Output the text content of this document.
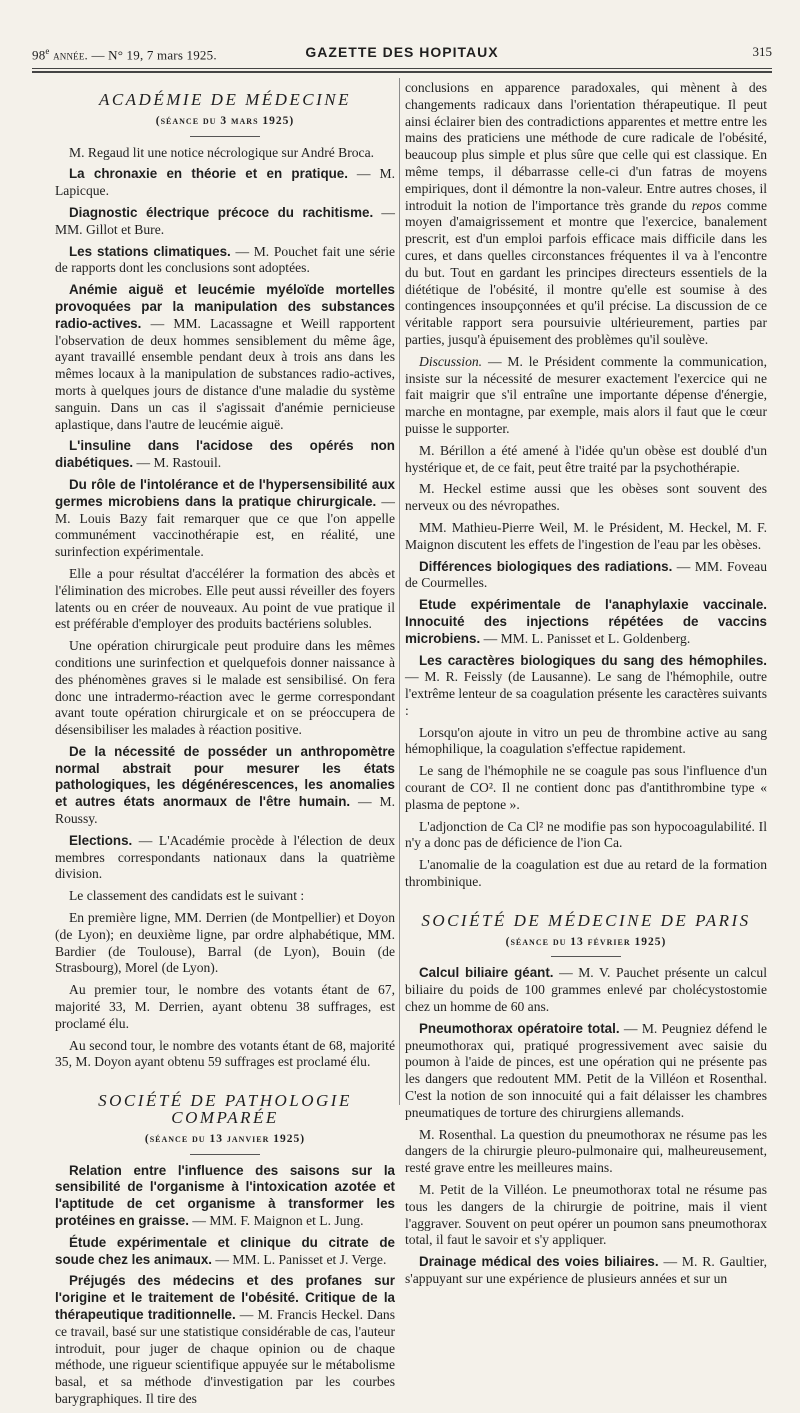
98e année. — N° 19, 7 mars 1925.	GAZETTE DES HOPITAUX	315
ACADÉMIE DE MÉDECINE
(séance du 3 mars 1925)

M. Regaud lit une notice nécrologique sur André Broca.

La chronaxie en théorie et en pratique. — M. Lapicque.

Diagnostic électrique précoce du rachitisme. — MM. Gillot et Bure.

Les stations climatiques. — M. Pouchet fait une série de rapports dont les conclusions sont adoptées.

Anémie aiguë et leucémie myéloïde mortelles provoquées par la manipulation des substances radio-actives. — MM. Lacassagne et Weill rapportent l'observation de deux hommes sensiblement du même âge, ayant travaillé ensemble pendant deux à trois ans dans les mêmes locaux à la manipulation de substances radio-actives, morts à quelques jours de distance d'une maladie du système sanguin. Dans un cas il s'agissait d'anémie pernicieuse aplastique, dans l'autre de leucémie aiguë.

L'insuline dans l'acidose des opérés non diabétiques. — M. Rastouil.

Du rôle de l'intolérance et de l'hypersensibilité aux germes microbiens dans la pratique chirurgicale. — M. Louis Bazy fait remarquer que ce que l'on appelle communément vaccinothérapie est, en réalité, une surinfection expérimentale.

Elle a pour résultat d'accélérer la formation des abcès et l'élimination des microbes. Elle peut aussi réveiller des foyers latents ou en créer de nouveaux. Au point de vue pratique il est préférable d'employer des produits bactériens solubles.

Une opération chirurgicale peut produire dans les mêmes conditions une surinfection et quelquefois donner naissance à des phénomènes graves si le malade est sensibilisé. On fera donc une intradermo-réaction avec le germe correspondant avant toute opération chirurgicale et on se préoccupera de désensibiliser les malades à réaction positive.

De la nécessité de posséder un anthropomètre normal abstrait pour mesurer les états pathologiques, les dégénérescences, les anomalies et autres états anormaux de l'être humain. — M. Roussy.

Elections. — L'Académie procède à l'élection de deux membres correspondants nationaux dans la quatrième division.

Le classement des candidats est le suivant :

En première ligne, MM. Derrien (de Montpellier) et Doyon (de Lyon); en deuxième ligne, par ordre alphabétique, MM. Bardier (de Toulouse), Barral (de Lyon), Bouin (de Strasbourg), Morel (de Lyon).

Au premier tour, le nombre des votants étant de 67, majorité 33, M. Derrien, ayant obtenu 38 suffrages, est proclamé élu.

Au second tour, le nombre des votants étant de 68, majorité 35, M. Doyon ayant obtenu 59 suffrages est proclamé élu.

SOCIÉTÉ DE PATHOLOGIE COMPARÉE
(séance du 13 janvier 1925)

Relation entre l'influence des saisons sur la sensibilité de l'organisme à l'intoxication azotée et l'aptitude de cet organisme à transformer les protéines en graisse. — MM. F. Maignon et L. Jung.

Étude expérimentale et clinique du citrate de soude chez les animaux. — MM. L. Panisset et J. Verge.

Préjugés des médecins et des profanes sur l'origine et le traitement de l'obésité. Critique de la thérapeutique traditionnelle. — M. Francis Heckel. Dans ce travail, basé sur une statistique considérable de cas, l'auteur introduit, pour juger de chaque opinion ou de chaque méthode, une rigueur scientifique appuyée sur le métabolisme basal, et sa méthode d'investigation par les courbes barygraphiques. Il tire des

conclusions en apparence paradoxales, qui mènent à des changements radicaux dans l'orientation thérapeutique. Il peut ainsi éclairer bien des contradictions apparentes et mettre entre les mains des praticiens une méthode de cure radicale de l'obésité, beaucoup plus simple et plus sûre que celle qui est classique. En même temps, il débarrasse celle-ci d'un fatras de moyens empiriques, dont il démontre la non-valeur. Entre autres choses, il introduit la notion de l'importance très grande du repos comme moyen d'amaigrissement et montre que l'exercice, banalement prescrit, est d'un emploi parfois efficace mais difficile dans les cures, et dans quelles circonstances fréquentes il va à l'encontre du but. Tout en gardant les principes directeurs essentiels de la diététique de l'obésité, il montre qu'elle est soumise à des contingences insoupçonnées et qu'il précise. La discussion de ce véritable rapport sera poursuivie ultérieurement, parties par parties, jusqu'à épuisement des problèmes qu'il soulève.

Discussion. — M. le Président commente la communication, insiste sur la nécessité de mesurer exactement l'exercice qui ne fait maigrir que s'il entraîne une importante dépense d'énergie, marche en montagne, par exemple, mais alors il faut que le cœur puisse le supporter.

M. Bérillon a été amené à l'idée qu'un obèse est doublé d'un hystérique et, de ce fait, peut être traité par la psychothérapie.

M. Heckel estime aussi que les obèses sont souvent des nerveux ou des névropathes.

MM. Mathieu-Pierre Weil, M. le Président, M. Heckel, M. F. Maignon discutent les effets de l'ingestion de l'eau par les obèses.

Différences biologiques des radiations. — MM. Foveau de Courmelles.

Etude expérimentale de l'anaphylaxie vaccinale. Innocuité des injections répétées de vaccins microbiens. — MM. L. Panisset et L. Goldenberg.

Les caractères biologiques du sang des hémophiles. — M. R. Feissly (de Lausanne). Le sang de l'hémophile, outre l'extrême lenteur de sa coagulation présente les caractères suivants :

Lorsqu'on ajoute in vitro un peu de thrombine active au sang hémophilique, la coagulation s'effectue rapidement.

Le sang de l'hémophile ne se coagule pas sous l'influence d'un courant de CO². Il ne contient donc pas d'antithrombine type « plasma de peptone ».

L'adjonction de Ca Cl² ne modifie pas son hypocoagulabilité. Il n'y a donc pas de déficience de l'ion Ca.

L'anomalie de la coagulation est due au retard de la formation thrombinique.

SOCIÉTÉ DE MÉDECINE DE PARIS
(séance du 13 février 1925)

Calcul biliaire géant. — M. V. Pauchet présente un calcul biliaire du poids de 100 grammes enlevé par cholécystostomie chez un homme de 60 ans.

Pneumothorax opératoire total. — M. Peugniez défend le pneumothorax qui, pratiqué progressivement avec saisie du poumon à l'aide de pinces, est une opération qui ne présente pas les dangers que redoutent MM. Petit de la Villéon et Rosenthal. C'est la notion de son innocuité qui a fait délaisser les chambres pneumatiques de torture des chirurgiens allemands.

M. Rosenthal. La question du pneumothorax ne résume pas les dangers de la chirurgie pleuro-pulmonaire qui, malheureusement, resté grave entre les meilleures mains.

M. Petit de la Villéon. Le pneumothorax total ne résume pas tous les dangers de la chirurgie de poitrine, mais il vient l'aggraver. Souvent on peut opérer un poumon sans pneumothorax total, il faut le savoir et s'y appliquer.

Drainage médical des voies biliaires. — M. R. Gaultier, s'appuyant sur une expérience de plusieurs années et sur un
